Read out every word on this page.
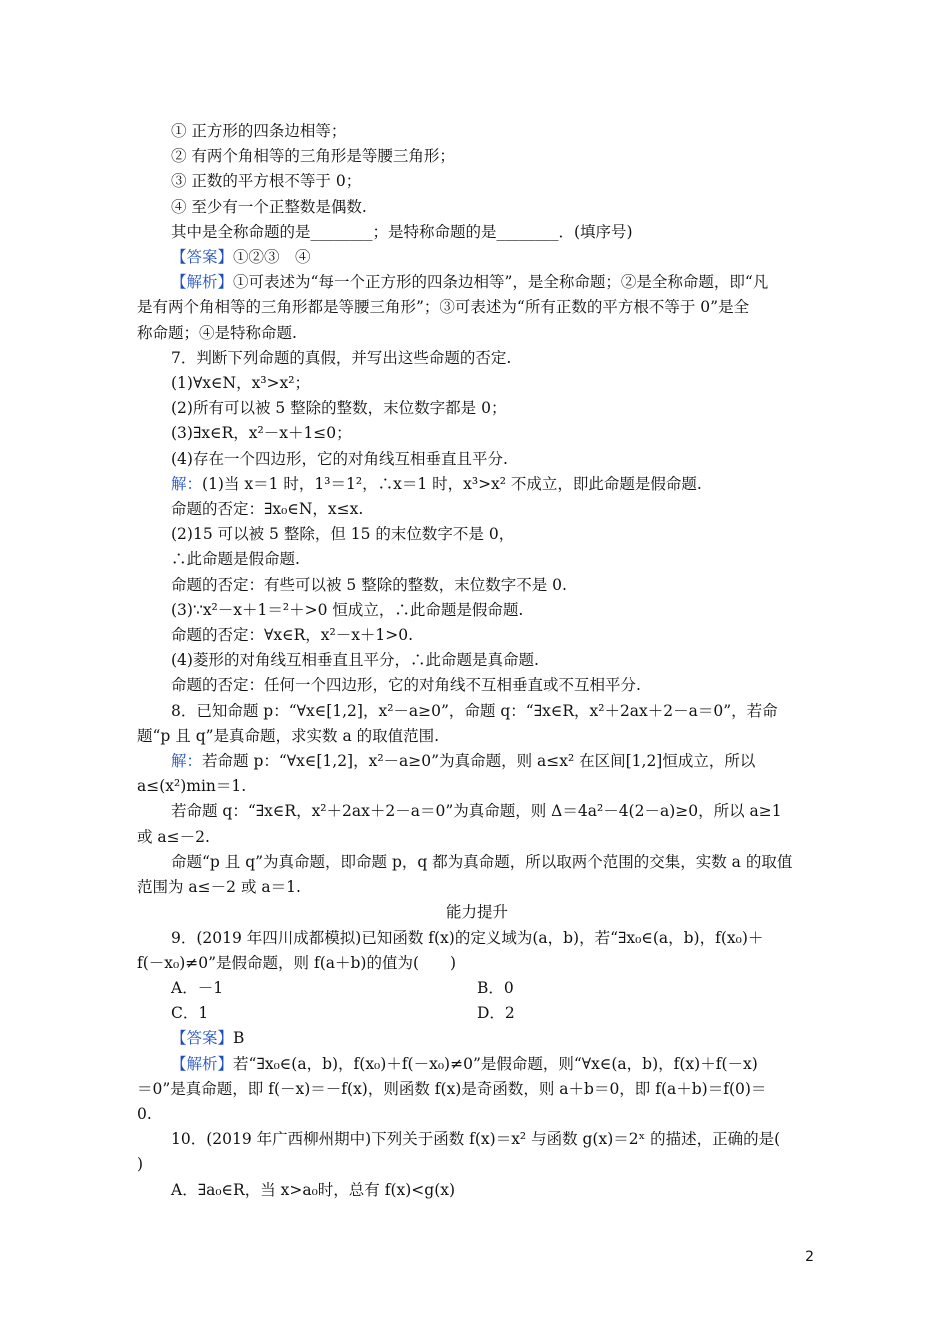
① 正方形的四条边相等；
② 有两个角相等的三角形是等腰三角形；
③ 正数的平方根不等于 0；
④ 至少有一个正整数是偶数.
其中是全称命题的是________；是特称命题的是________．(填序号)
【答案】①②③　④
【解析】①可表述为“每一个正方形的四条边相等”，是全称命题；②是全称命题，即“凡
是有两个角相等的三角形都是等腰三角形”；③可表述为“所有正数的平方根不等于 0”是全
称命题；④是特称命题.
7．判断下列命题的真假，并写出这些命题的否定.
(1)∀x∈N，x³>x²；
(2)所有可以被 5 整除的整数，末位数字都是 0；
(3)∃x∈R，x²－x＋1≤0；
(4)存在一个四边形，它的对角线互相垂直且平分.
解：(1)当 x＝1 时，1³＝1²，∴x＝1 时，x³>x² 不成立，即此命题是假命题.
命题的否定：∃x₀∈N，x≤x.
(2)15 可以被 5 整除，但 15 的末位数字不是 0，
∴此命题是假命题.
命题的否定：有些可以被 5 整除的整数，末位数字不是 0.
(3)∵x²－x＋1＝²＋>0 恒成立，∴此命题是假命题.
命题的否定：∀x∈R，x²－x＋1>0.
(4)菱形的对角线互相垂直且平分，∴此命题是真命题.
命题的否定：任何一个四边形，它的对角线不互相垂直或不互相平分.
8．已知命题 p：“∀x∈[1,2]，x²－a≥0”，命题 q：“∃x∈R，x²＋2ax＋2－a＝0”，若命
题“p 且 q”是真命题，求实数 a 的取值范围.
解：若命题 p：“∀x∈[1,2]，x²－a≥0”为真命题，则 a≤x² 在区间[1,2]恒成立，所以
a≤(x²)min＝1.
若命题 q：“∃x∈R，x²＋2ax＋2－a＝0”为真命题，则 Δ＝4a²－4(2－a)≥0，所以 a≥1
或 a≤－2.
命题“p 且 q”为真命题，即命题 p，q 都为真命题，所以取两个范围的交集，实数 a 的取值
范围为 a≤－2 或 a＝1.
能力提升
9．(2019 年四川成都模拟)已知函数 f(x)的定义域为(a，b)，若“∃x₀∈(a，b)，f(x₀)＋
f(－x₀)≠0”是假命题，则 f(a＋b)的值为(　　)
A．－1	B．0
C．1	D．2
【答案】B
【解析】若“∃x₀∈(a，b)，f(x₀)＋f(－x₀)≠0”是假命题，则“∀x∈(a，b)，f(x)＋f(－x)
＝0”是真命题，即 f(－x)＝－f(x)，则函数 f(x)是奇函数，则 a＋b＝0，即 f(a＋b)＝f(0)＝
0.
10．(2019 年广西柳州期中)下列关于函数 f(x)＝x² 与函数 g(x)＝2ˣ 的描述，正确的是(
)
A．∃a₀∈R，当 x>a₀时，总有 f(x)<g(x)
2
